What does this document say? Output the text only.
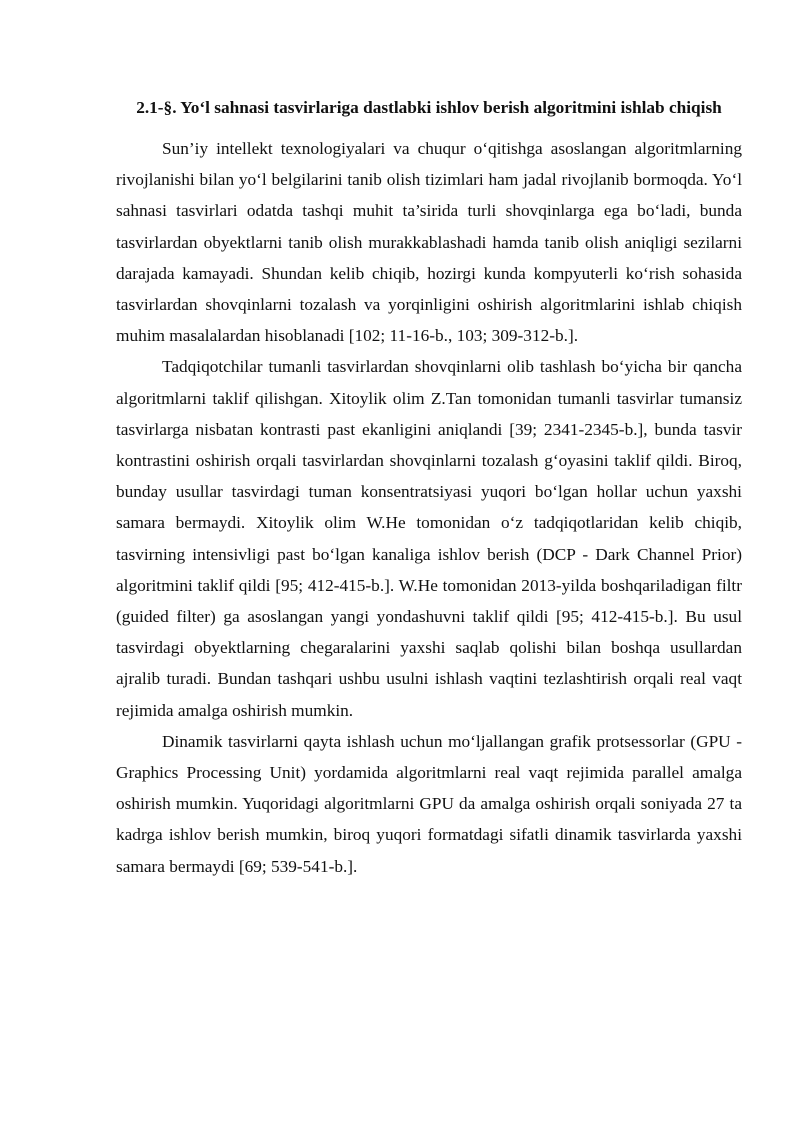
2.1-§. Yo‘l sahnasi tasvirlariga dastlabki ishlov berish algoritmini ishlab chiqish

Sun’iy intellekt texnologiyalari va chuqur o‘qitishga asoslangan algoritmlarning rivojlanishi bilan yo‘l belgilarini tanib olish tizimlari ham jadal rivojlanib bormoqda. Yo‘l sahnasi tasvirlari odatda tashqi muhit ta’sirida turli shovqinlarga ega bo‘ladi, bunda tasvirlardan obyektlarni tanib olish murakkablashadi hamda tanib olish aniqligi sezilarni darajada kamayadi. Shundan kelib chiqib, hozirgi kunda kompyuterli ko‘rish sohasida tasvirlardan shovqinlarni tozalash va yorqinligini oshirish algoritmlarini ishlab chiqish muhim masalalardan hisoblanadi [102; 11-16-b., 103; 309-312-b.].

Tadqiqotchilar tumanli tasvirlardan shovqinlarni olib tashlash bo‘yicha bir qancha algoritmlarni taklif qilishgan. Xitoylik olim Z.Tan tomonidan tumanli tasvirlar tumansiz tasvirlarga nisbatan kontrasti past ekanligini aniqlandi [39; 2341-2345-b.], bunda tasvir kontrastini oshirish orqali tasvirlardan shovqinlarni tozalash g‘oyasini taklif qildi. Biroq, bunday usullar tasvirdagi tuman konsentratsiyasi yuqori bo‘lgan hollar uchun yaxshi samara bermaydi. Xitoylik olim W.He tomonidan o‘z tadqiqotlaridan kelib chiqib, tasvirning intensivligi past bo‘lgan kanaliga ishlov berish (DCP - Dark Channel Prior) algoritmini taklif qildi [95; 412-415-b.]. W.He tomonidan 2013-yilda boshqariladigan filtr (guided filter) ga asoslangan yangi yondashuvni taklif qildi [95; 412-415-b.]. Bu usul tasvirdagi obyektlarning chegaralarini yaxshi saqlab qolishi bilan boshqa usullardan ajralib turadi. Bundan tashqari ushbu usulni ishlash vaqtini tezlashtirish orqali real vaqt rejimida amalga oshirish mumkin.

Dinamik tasvirlarni qayta ishlash uchun mo‘ljallangan grafik protsessorlar (GPU - Graphics Processing Unit) yordamida algoritmlarni real vaqt rejimida parallel amalga oshirish mumkin. Yuqoridagi algoritmlarni GPU da amalga oshirish orqali soniyada 27 ta kadrga ishlov berish mumkin, biroq yuqori formatdagi sifatli dinamik tasvirlarda yaxshi samara bermaydi [69; 539-541-b.].
